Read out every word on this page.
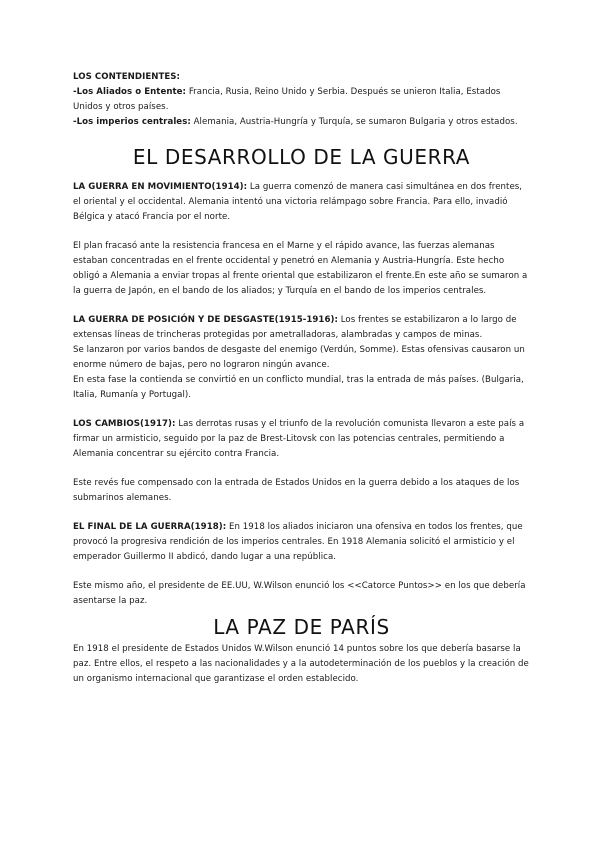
LOS CONTENDIENTES:

-Los Aliados o Entente: Francia, Rusia, Reino Unido y Serbia. Después se unieron Italia, Estados Unidos y otros países.

-Los imperios centrales: Alemania, Austria-Hungría y Turquía, se sumaron Bulgaria y otros estados.

EL DESARROLLO DE LA GUERRA

LA GUERRA EN MOVIMIENTO(1914): La guerra comenzó de manera casi simultánea en dos frentes, el oriental y el occidental. Alemania intentó una victoria relámpago sobre Francia. Para ello, invadió Bélgica y atacó Francia por el norte.

El plan fracasó ante la resistencia francesa en el Marne y el rápido avance, las fuerzas alemanas estaban concentradas en el frente occidental y penetró en Alemania y Austria-Hungría. Este hecho obligó a Alemania a enviar tropas al frente oriental que estabilizaron el frente.En este año se sumaron a la guerra de Japón, en el bando de los aliados; y Turquía en el bando de los imperios centrales.

LA GUERRA DE POSICIÓN Y DE DESGASTE(1915-1916): Los frentes se estabilizaron a lo largo de extensas líneas de trincheras protegidas por ametralladoras, alambradas y campos de minas.

Se lanzaron por varios bandos de desgaste del enemigo (Verdún, Somme). Estas ofensivas causaron un enorme número de bajas, pero no lograron ningún avance.

En esta fase la contienda se convirtió en un conflicto mundial, tras la entrada de más países. (Bulgaria, Italia, Rumanía y Portugal).

LOS CAMBIOS(1917): Las derrotas rusas y el triunfo de la revolución comunista llevaron a este país a firmar un armisticio, seguido por la paz de Brest-Litovsk con las potencias centrales, permitiendo a Alemania concentrar su ejército contra Francia.

Este revés fue compensado con la entrada de Estados Unidos en la guerra debido a los ataques de los submarinos alemanes.

EL FINAL DE LA GUERRA(1918): En 1918 los aliados iniciaron una ofensiva en todos los frentes, que provocó la progresiva rendición de los imperios centrales. En 1918 Alemania solicitó el armisticio y el emperador Guillermo II abdicó, dando lugar a una república.

Este mismo año, el presidente de EE.UU, W.Wilson enunció los <<Catorce Puntos>> en los que debería asentarse la paz.

LA PAZ DE PARÍS

En 1918 el presidente de Estados Unidos W.Wilson enunció 14 puntos sobre los que debería basarse la paz. Entre ellos, el respeto a las nacionalidades y a la autodeterminación de los pueblos y la creación de un organismo internacional que garantizase el orden establecido.
